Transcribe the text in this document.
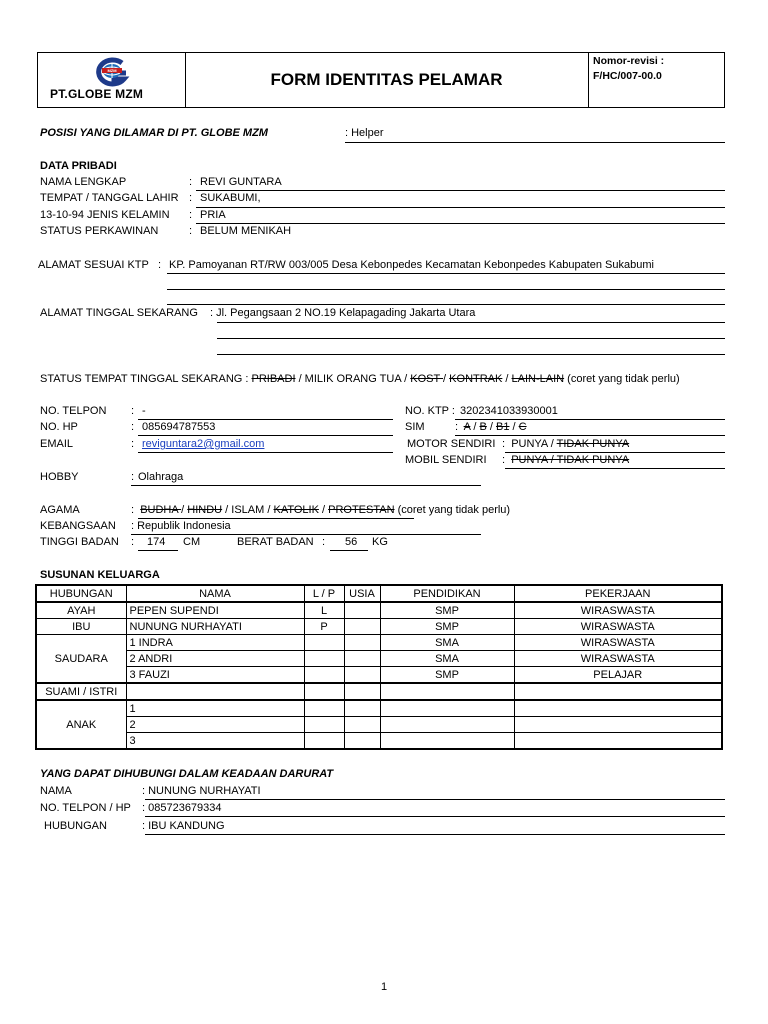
MZM
PT.GLOBE MZM
FORM IDENTITAS PELAMAR
Nomor-revisi :
F/HC/007-00.0
POSISI YANG DILAMAR DI PT. GLOBE MZM	: Helper
DATA PRIBADI
NAMA LENGKAP	: REVI GUNTARA
TEMPAT / TANGGAL LAHIR : SUKABUMI,
13-10-94 JENIS KELAMIN : PRIA
STATUS PERKAWINAN	: BELUM MENIKAH
ALAMAT SESUAI KTP : KP. Pamoyanan RT/RW 003/005 Desa Kebonpedes Kecamatan Kebonpedes Kabupaten Sukabumi
ALAMAT TINGGAL SEKARANG : Jl. Pegangsaan 2 NO.19 Kelapagading Jakarta Utara
STATUS TEMPAT TINGGAL SEKARANG : PRIBADI / MILIK ORANG TUA / KOST / KONTRAK / LAIN-LAIN (coret yang tidak perlu)
NO. TELPON : -
NO. HP	: 085694787553
EMAIL	: reviguntara2@gmail.com
HOBBY	: Olahraga
NO. KTP : 3202341033930001
SIM	: A / B / B1 / C
MOTOR SENDIRI : PUNYA / TIDAK PUNYA
MOBIL SENDIRI : PUNYA / TIDAK PUNYA
AGAMA	: BUDHA / HINDU / ISLAM / KATOLIK / PROTESTAN (coret yang tidak perlu)
KEBANGSAAN : Republik Indonesia
TINGGI BADAN : 174 CM	BERAT BADAN : 56 KG
SUSUNAN KELUARGA
HUBUNGAN	NAMA	L / P	USIA	PENDIDIKAN	PEKERJAAN
AYAH	PEPEN SUPENDI	L		SMP	WIRASWASTA
IBU	NUNUNG NURHAYATI	P		SMP	WIRASWASTA
SAUDARA	1 INDRA			SMA	WIRASWASTA
	2 ANDRI			SMA	WIRASWASTA
	3 FAUZI			SMP	PELAJAR
SUAMI / ISTRI					
ANAK	1				
	2				
	3				
YANG DAPAT DIHUBUNGI DALAM KEADAAN DARURAT
NAMA	: NUNUNG NURHAYATI
NO. TELPON / HP : 085723679334
HUBUNGAN	: IBU KANDUNG
1
